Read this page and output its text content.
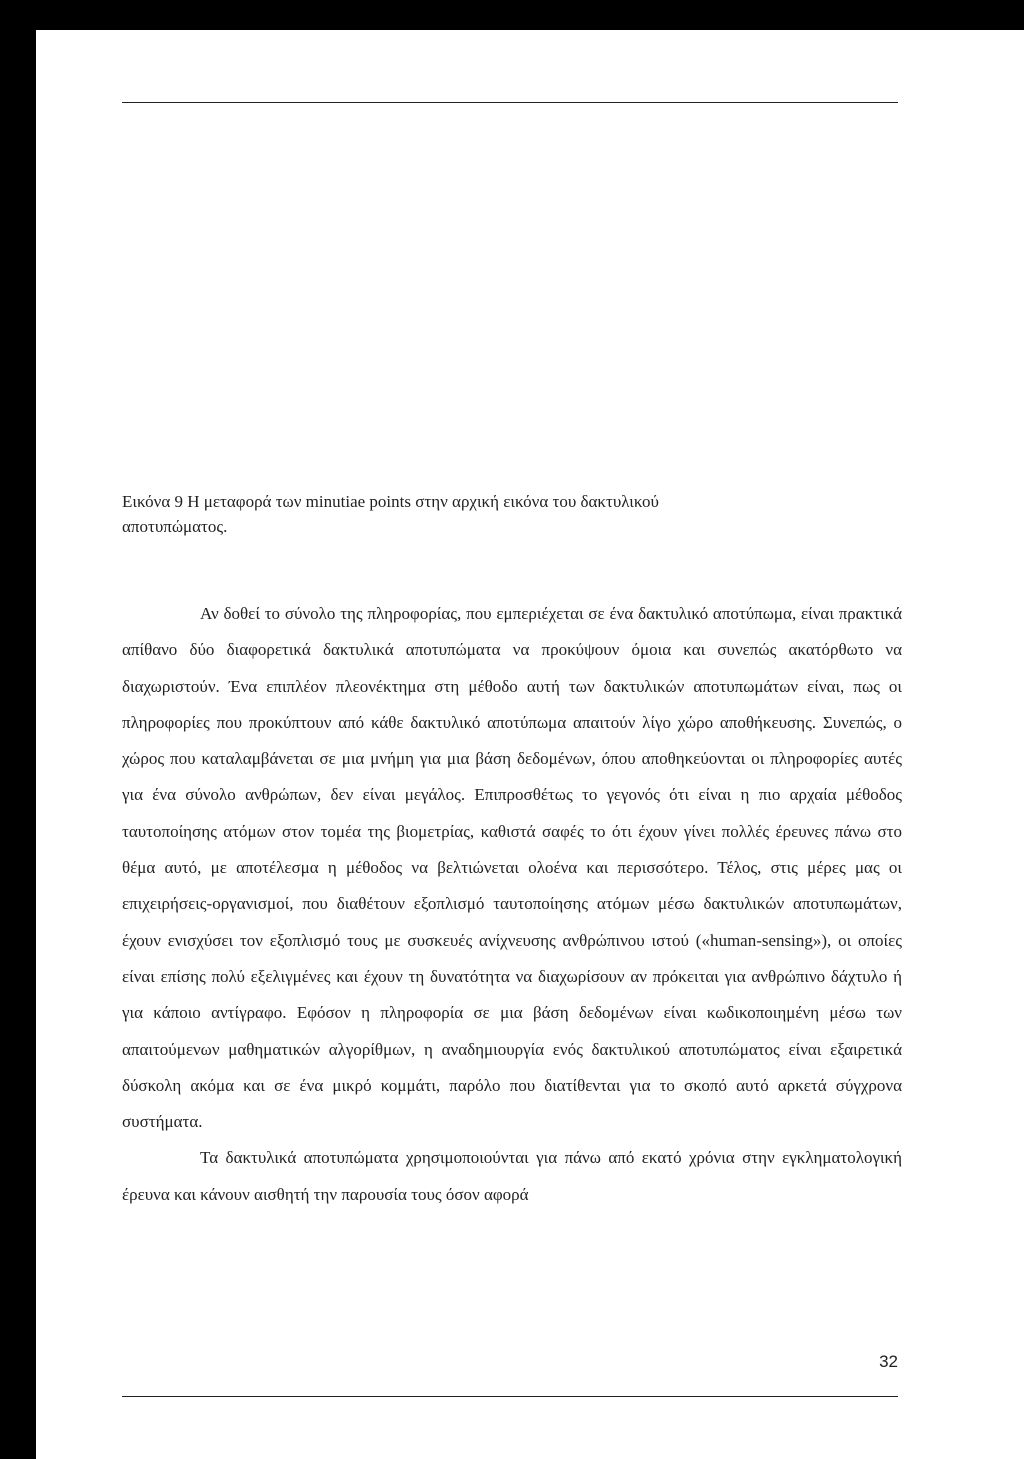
Εικόνα 9 Η μεταφορά των minutiae points στην αρχική εικόνα του δακτυλικού
αποτυπώματος.

Αν δοθεί το σύνολο της πληροφορίας, που εμπεριέχεται σε ένα δακτυλικό αποτύπωμα, είναι πρακτικά απίθανο δύο διαφορετικά δακτυλικά αποτυπώματα να προκύψουν όμοια και συνεπώς ακατόρθωτο να διαχωριστούν. Ένα επιπλέον πλεονέκτημα στη μέθοδο αυτή των δακτυλικών αποτυπωμάτων είναι, πως οι πληροφορίες που προκύπτουν από κάθε δακτυλικό αποτύπωμα απαιτούν λίγο χώρο αποθήκευσης. Συνεπώς, ο χώρος που καταλαμβάνεται σε μια μνήμη για μια βάση δεδομένων, όπου αποθηκεύονται οι πληροφορίες αυτές για ένα σύνολο ανθρώπων, δεν είναι μεγάλος. Επιπροσθέτως το γεγονός ότι είναι η πιο αρχαία μέθοδος ταυτοποίησης ατόμων στον τομέα της βιομετρίας, καθιστά σαφές το ότι έχουν γίνει πολλές έρευνες πάνω στο θέμα αυτό, με αποτέλεσμα η μέθοδος να βελτιώνεται ολοένα και περισσότερο. Τέλος, στις μέρες μας οι επιχειρήσεις-οργανισμοί, που διαθέτουν εξοπλισμό ταυτοποίησης ατόμων μέσω δακτυλικών αποτυπωμάτων, έχουν ενισχύσει τον εξοπλισμό τους με συσκευές ανίχνευσης ανθρώπινου ιστού («human-sensing»), οι οποίες είναι επίσης πολύ εξελιγμένες και έχουν τη δυνατότητα να διαχωρίσουν αν πρόκειται για ανθρώπινο δάχτυλο ή για κάποιο αντίγραφο. Εφόσον η πληροφορία σε μια βάση δεδομένων είναι κωδικοποιημένη μέσω των απαιτούμενων μαθηματικών αλγορίθμων, η αναδημιουργία ενός δακτυλικού αποτυπώματος είναι εξαιρετικά δύσκολη ακόμα και σε ένα μικρό κομμάτι, παρόλο που διατίθενται για το σκοπό αυτό αρκετά σύγχρονα συστήματα.

Τα δακτυλικά αποτυπώματα χρησιμοποιούνται για πάνω από εκατό χρόνια στην εγκληματολογική έρευνα και κάνουν αισθητή την παρουσία τους όσον αφορά

32
